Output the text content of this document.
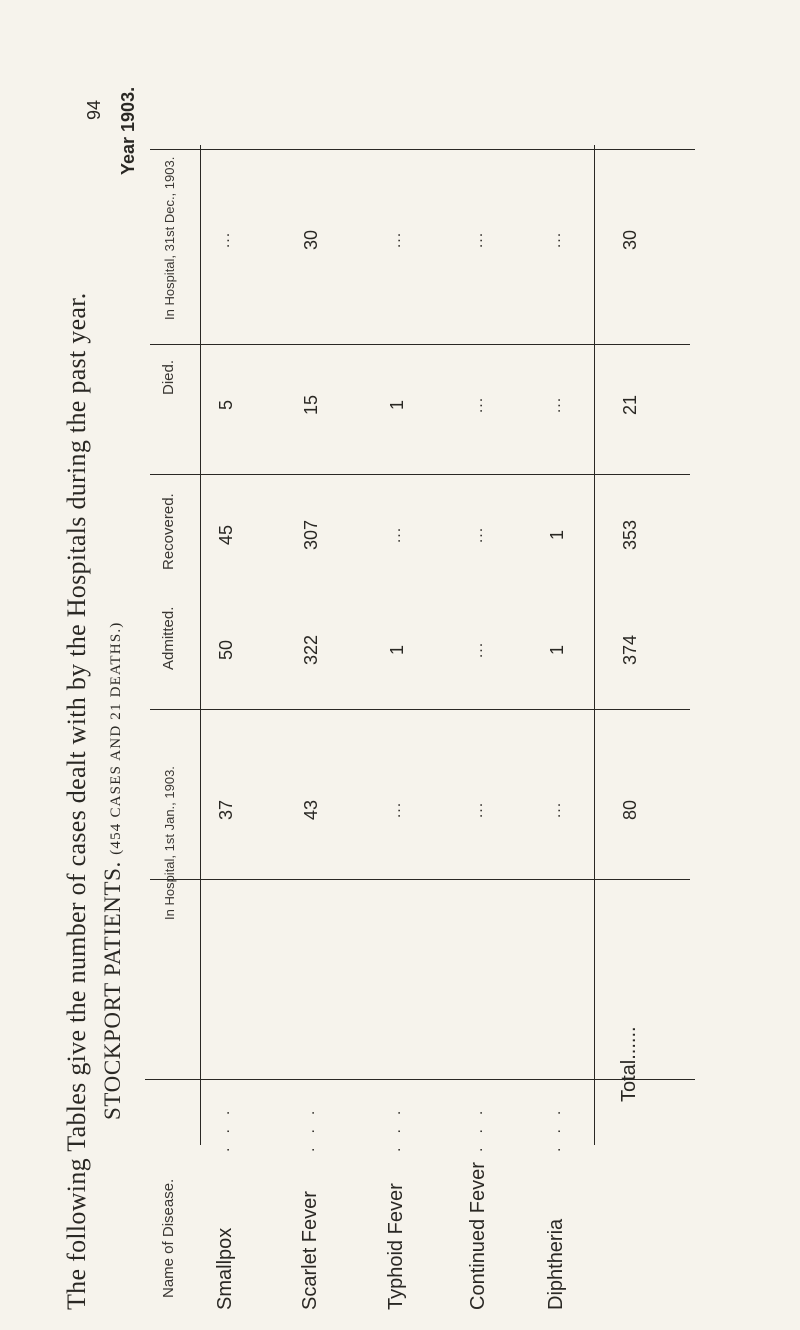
The following Tables give the number of cases dealt with by the Hospitals during the past year. STOCKPORT PATIENTS. (454 CASES AND 21 DEATHS.)
94 Year 1903.
Name of Disease.
In Hospital, 1st Jan., 1903.
Admitted.
Recovered.
Died.
In Hospital, 31st Dec., 1903.
Smallpox
...
37
50
45
5
...
Scarlet Fever
...
43
322
307
15
30
Typhoid Fever
...
...
1
...
1
...
Continued Fever
...
...
...
...
...
...
Diphtheria
...
...
1
1
...
...
Total......
80
374
353
21
30
